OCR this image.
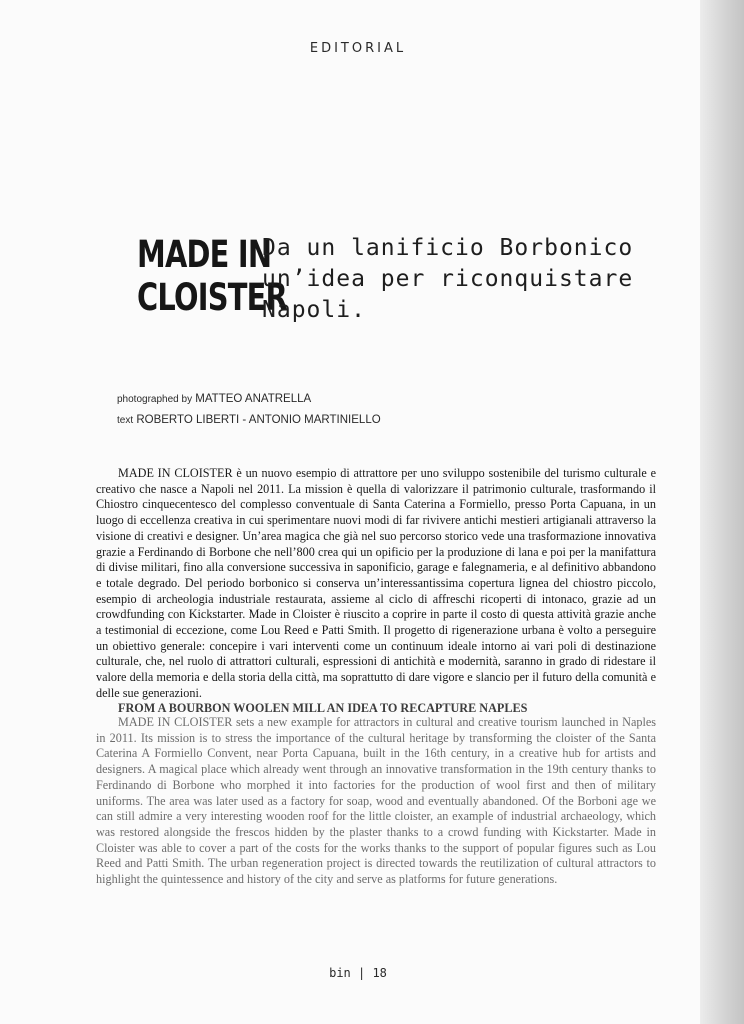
EDITORIAL
MADE IN
CLOISTER
Da un lanificio Borbonico
un’idea per riconquistare
Napoli.
photographed by MATTEO ANATRELLA
text ROBERTO LIBERTI - ANTONIO MARTINIELLO

MADE IN CLOISTER è un nuovo esempio di attrattore per uno sviluppo sostenibile del turismo culturale e creativo che nasce a Napoli nel 2011. La mission è quella di valorizzare il patrimonio culturale, trasformando il Chiostro cinquecentesco del complesso conventuale di Santa Caterina a Formiello, presso Porta Capuana, in un luogo di eccellenza creativa in cui sperimentare nuovi modi di far rivivere antichi mestieri artigianali attraverso la visione di creativi e designer. Un’area magica che già nel suo percorso storico vede una trasformazione innovativa grazie a Ferdinando di Borbone che nell’800 crea qui un opificio per la produzione di lana e poi per la manifattura di divise militari, fino alla conversione successiva in saponificio, garage e falegnameria, e al definitivo abbandono e totale degrado. Del periodo borbonico si conserva un’interessantissima copertura lignea del chiostro piccolo, esempio di archeologia industriale restaurata, assieme al ciclo di affreschi ricoperti di intonaco, grazie ad un crowdfunding con Kickstarter. Made in Cloister è riuscito a coprire in parte il costo di questa attività grazie anche a testimonial di eccezione, come Lou Reed e Patti Smith. Il progetto di rigenerazione urbana è volto a perseguire un obiettivo generale: concepire i vari interventi come un continuum ideale intorno ai vari poli di destinazione culturale, che, nel ruolo di attrattori culturali, espressioni di antichità e modernità, saranno in grado di ridestare il valore della memoria e della storia della città, ma soprattutto di dare vigore e slancio per il futuro della comunità e delle sue generazioni.

FROM A BOURBON WOOLEN MILL AN IDEA TO RECAPTURE NAPLES

MADE IN CLOISTER sets a new example for attractors in cultural and creative tourism launched in Naples in 2011. Its mission is to stress the importance of the cultural heritage by transforming the cloister of the Santa Caterina A Formiello Convent, near Porta Capuana, built in the 16th century, in a creative hub for artists and designers. A magical place which already went through an innovative transformation in the 19th century thanks to Ferdinando di Borbone who morphed it into factories for the production of wool first and then of military uniforms. The area was later used as a factory for soap, wood and eventually abandoned. Of the Borboni age we can still admire a very interesting wooden roof for the little cloister, an example of industrial archaeology, which was restored alongside the frescos hidden by the plaster thanks to a crowd funding with Kickstarter. Made in Cloister was able to cover a part of the costs for the works thanks to the support of popular figures such as Lou Reed and Patti Smith. The urban regeneration project is directed towards the reutilization of cultural attractors to highlight the quintessence and history of the city and serve as platforms for future generations.

bin | 18
